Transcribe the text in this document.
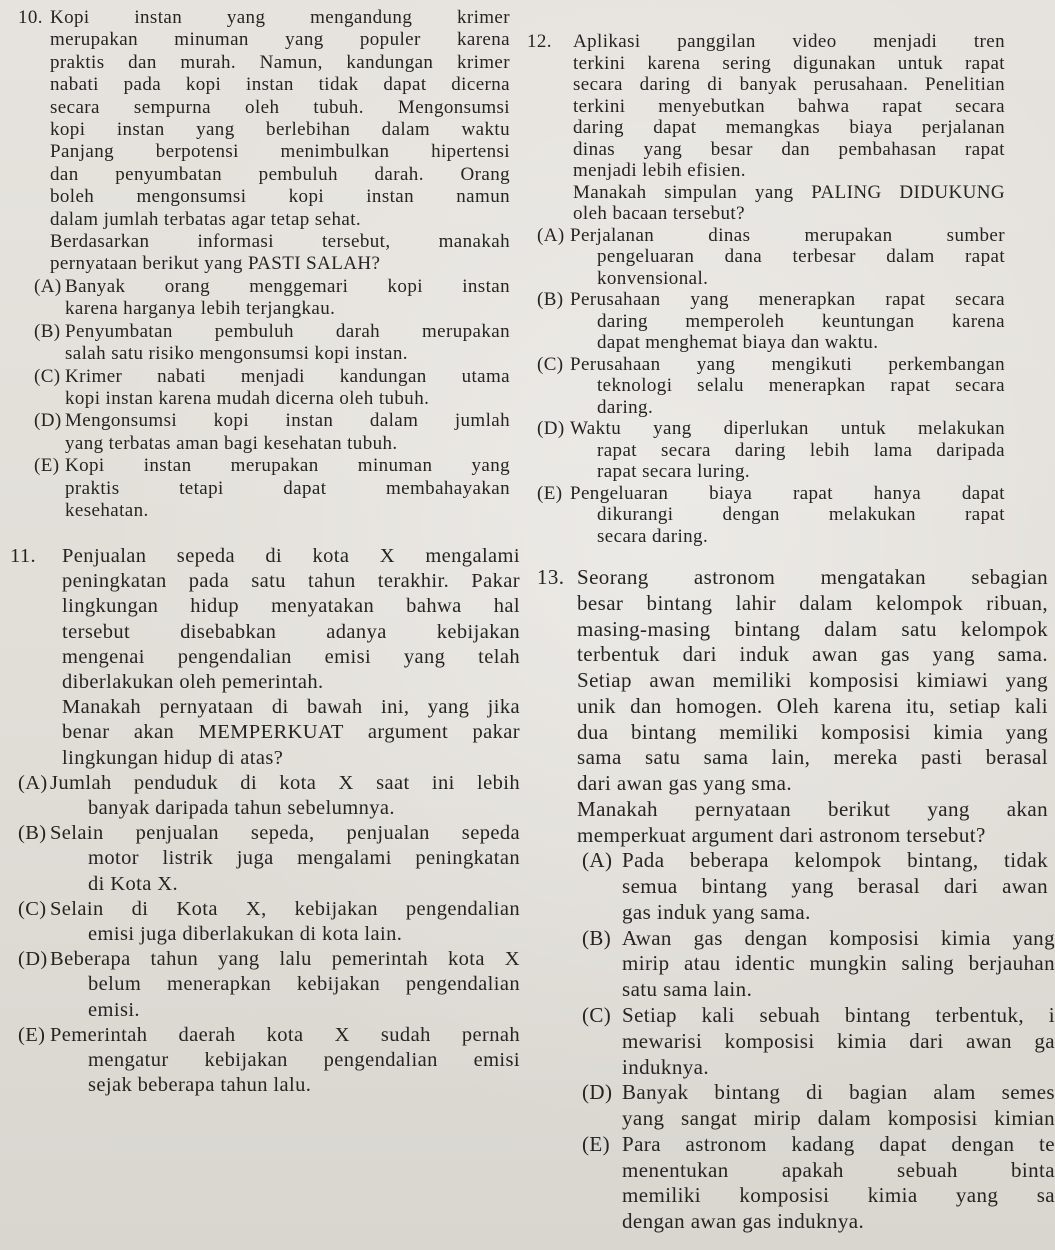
10. Kopi instan yang mengandung krimer
merupakan minuman yang populer karena
praktis dan murah. Namun, kandungan krimer
nabati pada kopi instan tidak dapat dicerna
secara sempurna oleh tubuh. Mengonsumsi
kopi instan yang berlebihan dalam waktu
Panjang berpotensi menimbulkan hipertensi
dan penyumbatan pembuluh darah. Orang
boleh mengonsumsi kopi instan namun
dalam jumlah terbatas agar tetap sehat.
Berdasarkan informasi tersebut, manakah
pernyataan berikut yang PASTI SALAH?
(A) Banyak orang menggemari kopi instan
karena harganya lebih terjangkau.
(B) Penyumbatan pembuluh darah merupakan
salah satu risiko mengonsumsi kopi instan.
(C) Krimer nabati menjadi kandungan utama
kopi instan karena mudah dicerna oleh tubuh.
(D) Mengonsumsi kopi instan dalam jumlah
yang terbatas aman bagi kesehatan tubuh.
(E) Kopi instan merupakan minuman yang
praktis tetapi dapat membahayakan
kesehatan.
11. Penjualan sepeda di kota X mengalami
peningkatan pada satu tahun terakhir. Pakar
lingkungan hidup menyatakan bahwa hal
tersebut disebabkan adanya kebijakan
mengenai pengendalian emisi yang telah
diberlakukan oleh pemerintah.
Manakah pernyataan di bawah ini, yang jika
benar akan MEMPERKUAT argument pakar
lingkungan hidup di atas?
(A) Jumlah penduduk di kota X saat ini lebih
banyak daripada tahun sebelumnya.
(B) Selain penjualan sepeda, penjualan sepeda
motor listrik juga mengalami peningkatan
di Kota X.
(C) Selain di Kota X, kebijakan pengendalian
emisi juga diberlakukan di kota lain.
(D) Beberapa tahun yang lalu pemerintah kota X
belum menerapkan kebijakan pengendalian
emisi.
(E) Pemerintah daerah kota X sudah pernah
mengatur kebijakan pengendalian emisi
sejak beberapa tahun lalu.
12. Aplikasi panggilan video menjadi tren
terkini karena sering digunakan untuk rapat
secara daring di banyak perusahaan. Penelitian
terkini menyebutkan bahwa rapat secara
daring dapat memangkas biaya perjalanan
dinas yang besar dan pembahasan rapat
menjadi lebih efisien.
Manakah simpulan yang PALING DIDUKUNG
oleh bacaan tersebut?
(A) Perjalanan dinas merupakan sumber
pengeluaran dana terbesar dalam rapat
konvensional.
(B) Perusahaan yang menerapkan rapat secara
daring memperoleh keuntungan karena
dapat menghemat biaya dan waktu.
(C) Perusahaan yang mengikuti perkembangan
teknologi selalu menerapkan rapat secara
daring.
(D) Waktu yang diperlukan untuk melakukan
rapat secara daring lebih lama daripada
rapat secara luring.
(E) Pengeluaran biaya rapat hanya dapat
dikurangi dengan melakukan rapat
secara daring.
13. Seorang astronom mengatakan sebagian
besar bintang lahir dalam kelompok ribuan,
masing-masing bintang dalam satu kelompok
terbentuk dari induk awan gas yang sama.
Setiap awan memiliki komposisi kimiawi yang
unik dan homogen. Oleh karena itu, setiap kali
dua bintang memiliki komposisi kimia yang
sama satu sama lain, mereka pasti berasal
dari awan gas yang sma.
Manakah pernyataan berikut yang akan
memperkuat argument dari astronom tersebut?
(A) Pada beberapa kelompok bintang, tidak
semua bintang yang berasal dari awan
gas induk yang sama.
(B) Awan gas dengan komposisi kimia yang
mirip atau identic mungkin saling berjauhan
satu sama lain.
(C) Setiap kali sebuah bintang terbentuk, i
mewarisi komposisi kimia dari awan ga
induknya.
(D) Banyak bintang di bagian alam semes
yang sangat mirip dalam komposisi kimian
(E) Para astronom kadang dapat dengan te
menentukan apakah sebuah binta
memiliki komposisi kimia yang sa
dengan awan gas induknya.
